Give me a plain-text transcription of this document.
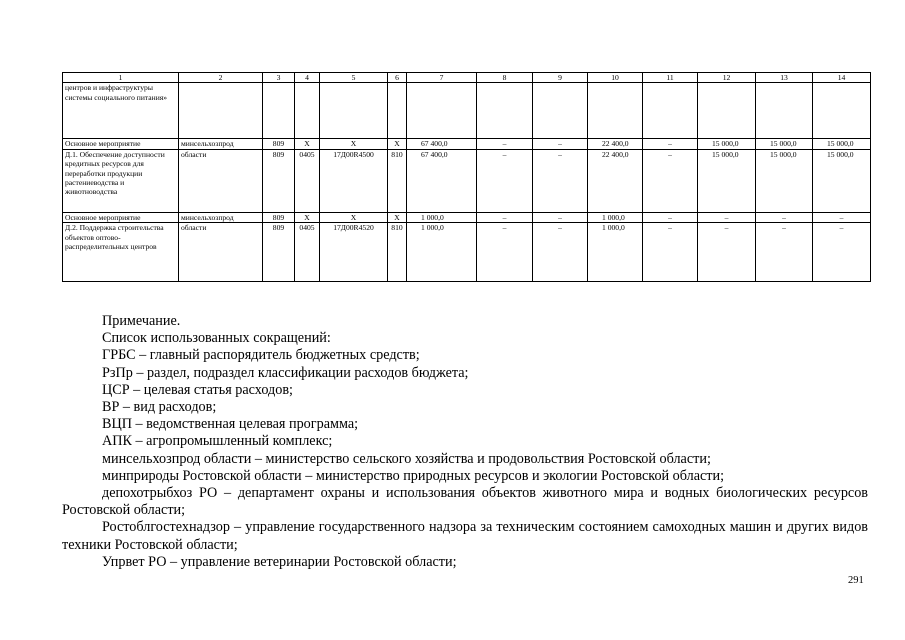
1	2	3	4	5	6	7	8	9	10	11	12	13	14
центров и инфраструктуры системы социального питания»													
Основное мероприятие	минсельхозпрод	809	Х	Х	Х	67 400,0	–	–	22 400,0	–	15 000,0	15 000,0	15 000,0
Д.1. Обеспечение доступности кредитных ресурсов для переработки продукции растениеводства и животноводства	области	809	0405	17Д00R4500	810	67 400,0	–	–	22 400,0	–	15 000,0	15 000,0	15 000,0
Основное мероприятие	минсельхозпрод	809	Х	Х	Х	1 000,0	–	–	1 000,0	–	–	–	–
Д.2. Поддержка строительства объектов оптово-распределительных центров	области	809	0405	17Д00R4520	810	1 000,0	–	–	1 000,0	–	–	–	–

Примечание.

Список использованных сокращений:

ГРБС – главный распорядитель бюджетных средств;

РзПр – раздел, подраздел классификации расходов бюджета;

ЦСР – целевая статья расходов;

ВР – вид расходов;

ВЦП – ведомственная целевая программа;

АПК – агропромышленный комплекс;

минсельхозпрод области – министерство сельского хозяйства и продовольствия Ростовской области;

минприроды Ростовской области – министерство природных ресурсов и экологии Ростовской области;

депохотрыбхоз РО – департамент охраны и использования объектов животного мира и водных биологических ресурсов Ростовской области;

Ростоблгостехнадзор – управление государственного надзора за техническим состоянием самоходных машин и других видов техники Ростовской области;

Упрвет РО – управление ветеринарии Ростовской области;

291
